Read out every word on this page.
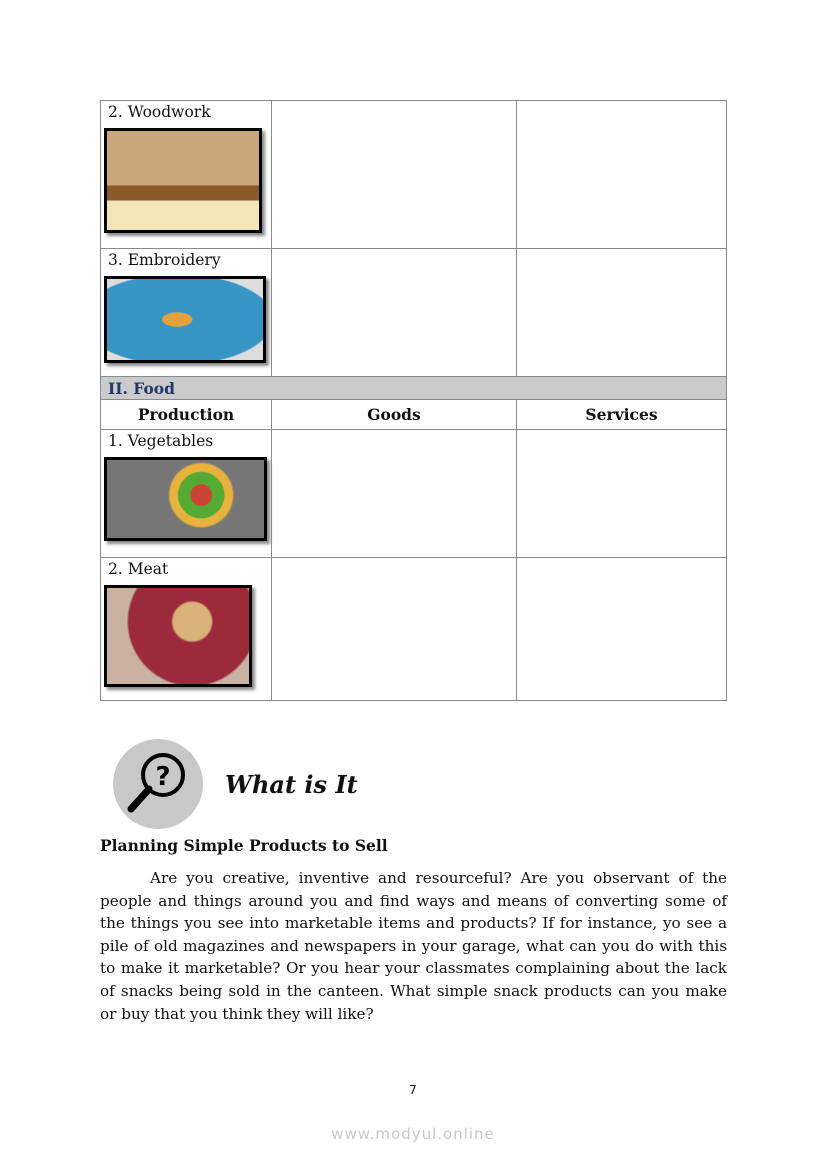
2. Woodwork		

3. Embroidery		

II. Food		

Production	Goods	Services

1. Vegetables		

2. Meat		

? What is It
Planning Simple Products to Sell

Are you creative, inventive and resourceful? Are you observant of the people and things around you and find ways and means of converting some of the things you see into marketable items and products? If for instance, yo see a pile of old magazines and newspapers in your garage, what can you do with this to make it marketable? Or you hear your classmates complaining about the lack of snacks being sold in the canteen. What simple snack products can you make or buy that you think they will like?

7
www.modyul.online
